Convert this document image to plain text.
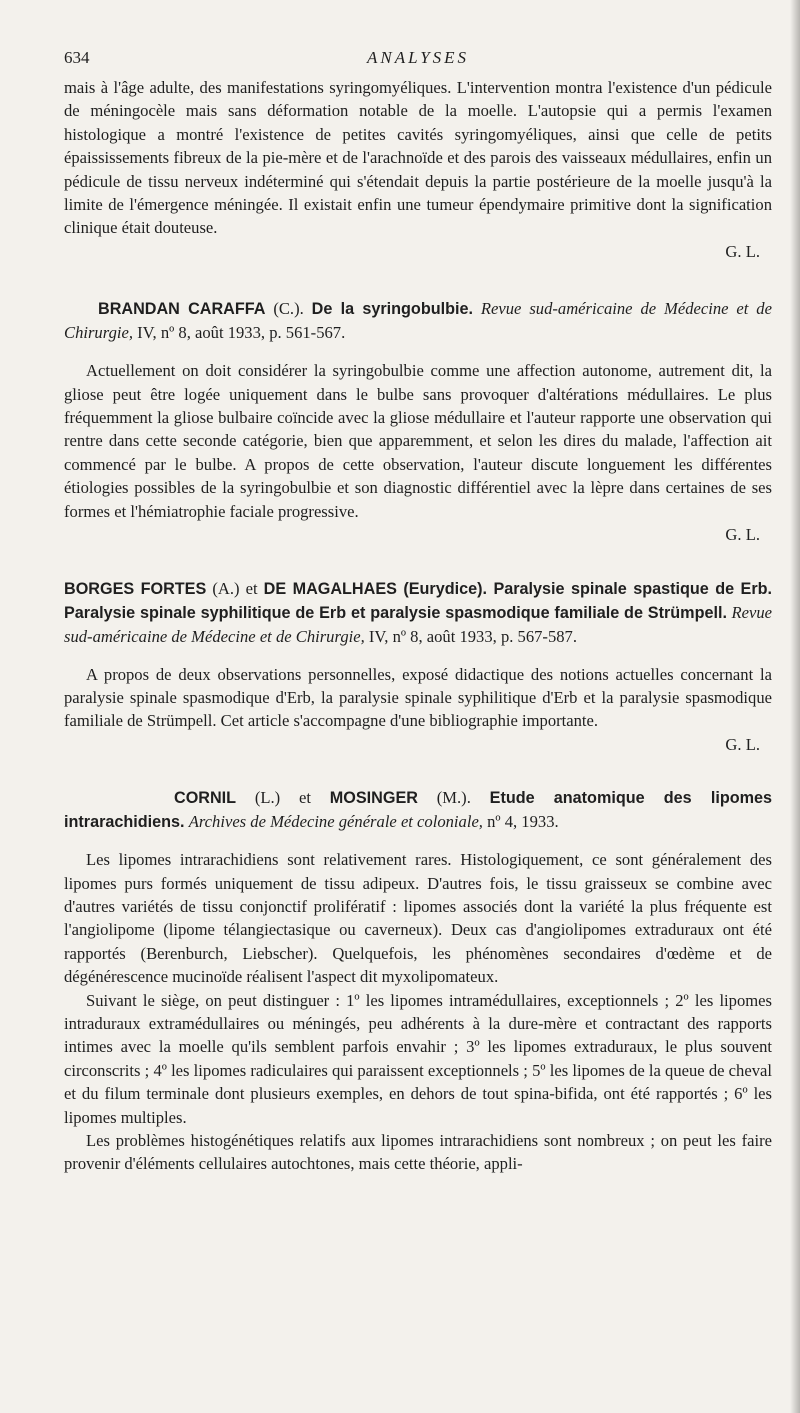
634	ANALYSES

mais à l'âge adulte, des manifestations syringomyéliques. L'intervention montra l'existence d'un pédicule de méningocèle mais sans déformation notable de la moelle. L'autopsie qui a permis l'examen histologique a montré l'existence de petites cavités syringomyéliques, ainsi que celle de petits épaississements fibreux de la pie-mère et de l'arachnoïde et des parois des vaisseaux médullaires, enfin un pédicule de tissu nerveux indéterminé qui s'étendait depuis la partie postérieure de la moelle jusqu'à la limite de l'émergence méningée. Il existait enfin une tumeur épendymaire primitive dont la signification clinique était douteuse.

G. L.

BRANDAN CARAFFA (C.). De la syringobulbie. Revue sud-américaine de Médecine et de Chirurgie, IV, nº 8, août 1933, p. 561-567.

Actuellement on doit considérer la syringobulbie comme une affection autonome, autrement dit, la gliose peut être logée uniquement dans le bulbe sans provoquer d'altérations médullaires. Le plus fréquemment la gliose bulbaire coïncide avec la gliose médullaire et l'auteur rapporte une observation qui rentre dans cette seconde catégorie, bien que apparemment, et selon les dires du malade, l'affection ait commencé par le bulbe. A propos de cette observation, l'auteur discute longuement les différentes étiologies possibles de la syringobulbie et son diagnostic différentiel avec la lèpre dans certaines de ses formes et l'hémiatrophie faciale progressive.

G. L.

BORGES FORTES (A.) et DE MAGALHAES (Eurydice). Paralysie spinale spastique de Erb. Paralysie spinale syphilitique de Erb et paralysie spasmodique familiale de Strümpell. Revue sud-américaine de Médecine et de Chirurgie, IV, nº 8, août 1933, p. 567-587.

A propos de deux observations personnelles, exposé didactique des notions actuelles concernant la paralysie spinale spasmodique d'Erb, la paralysie spinale syphilitique d'Erb et la paralysie spasmodique familiale de Strümpell. Cet article s'accompagne d'une bibliographie importante.

G. L.

CORNIL (L.) et MOSINGER (M.). Etude anatomique des lipomes intrarachidiens. Archives de Médecine générale et coloniale, nº 4, 1933.

Les lipomes intrarachidiens sont relativement rares. Histologiquement, ce sont généralement des lipomes purs formés uniquement de tissu adipeux. D'autres fois, le tissu graisseux se combine avec d'autres variétés de tissu conjonctif prolifératif : lipomes associés dont la variété la plus fréquente est l'angiolipome (lipome télangiectasique ou caverneux). Deux cas d'angiolipomes extraduraux ont été rapportés (Berenburch, Liebscher). Quelquefois, les phénomènes secondaires d'œdème et de dégénérescence mucinoïde réalisent l'aspect dit myxolipomateux.

Suivant le siège, on peut distinguer : 1º les lipomes intramédullaires, exceptionnels ; 2º les lipomes intraduraux extramédullaires ou méningés, peu adhérents à la dure-mère et contractant des rapports intimes avec la moelle qu'ils semblent parfois envahir ; 3º les lipomes extraduraux, le plus souvent circonscrits ; 4º les lipomes radiculaires qui paraissent exceptionnels ; 5º les lipomes de la queue de cheval et du filum terminale dont plusieurs exemples, en dehors de tout spina-bifida, ont été rapportés ; 6º les lipomes multiples.

Les problèmes histogénétiques relatifs aux lipomes intrarachidiens sont nombreux ; on peut les faire provenir d'éléments cellulaires autochtones, mais cette théorie, appli-
